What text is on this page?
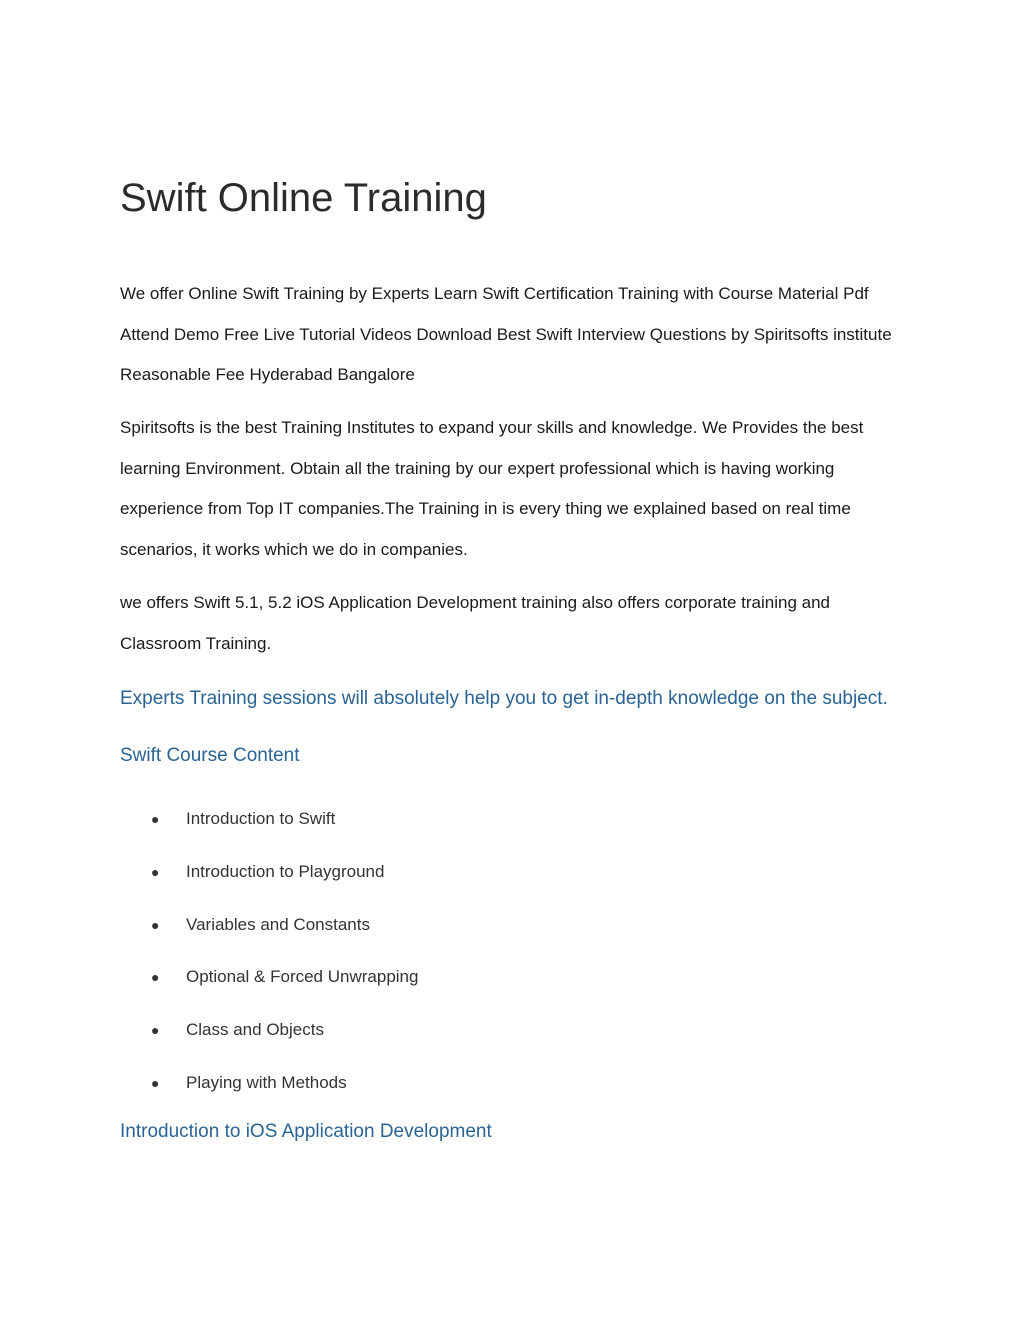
Swift Online Training

We offer Online Swift Training by Experts Learn Swift Certification Training with Course Material Pdf Attend Demo Free Live Tutorial Videos Download Best Swift Interview Questions by Spiritsofts institute Reasonable Fee Hyderabad Bangalore

Spiritsofts is the best Training Institutes to expand your skills and knowledge. We Provides the best learning Environment. Obtain all the training by our expert professional which is having working experience from Top IT companies.The Training in is every thing we explained based on real time scenarios, it works which we do in companies.

we offers Swift 5.1, 5.2 iOS Application Development training also offers corporate training and Classroom Training.

Experts Training sessions will absolutely help you to get in-depth knowledge on the subject.

Swift Course Content
● Introduction to Swift
● Introduction to Playground
● Variables and Constants
● Optional & Forced Unwrapping
● Class and Objects
● Playing with Methods
Introduction to iOS Application Development
